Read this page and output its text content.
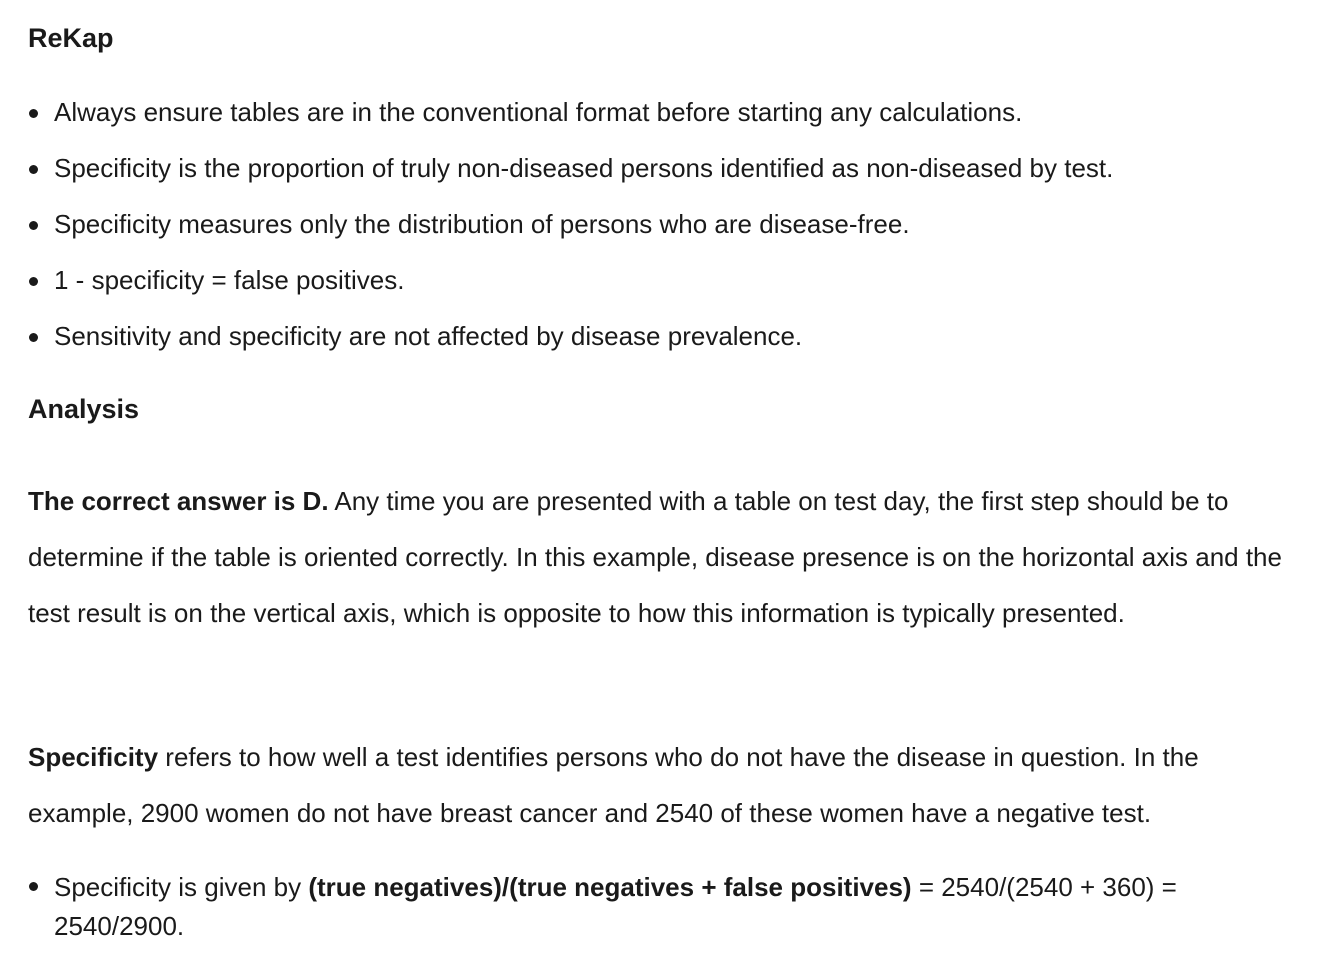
ReKap
Always ensure tables are in the conventional format before starting any calculations.
Specificity is the proportion of truly non-diseased persons identified as non-diseased by test.
Specificity measures only the distribution of persons who are disease-free.
1 - specificity = false positives.
Sensitivity and specificity are not affected by disease prevalence.
Analysis

The correct answer is D. Any time you are presented with a table on test day, the first step should be to determine if the table is oriented correctly. In this example, disease presence is on the horizontal axis and the test result is on the vertical axis, which is opposite to how this information is typically presented.

Specificity refers to how well a test identifies persons who do not have the disease in question. In the example, 2900 women do not have breast cancer and 2540 of these women have a negative test.

Specificity is given by (true negatives)/(true negatives + false positives) = 2540/(2540 + 360) = 2540/2900.
